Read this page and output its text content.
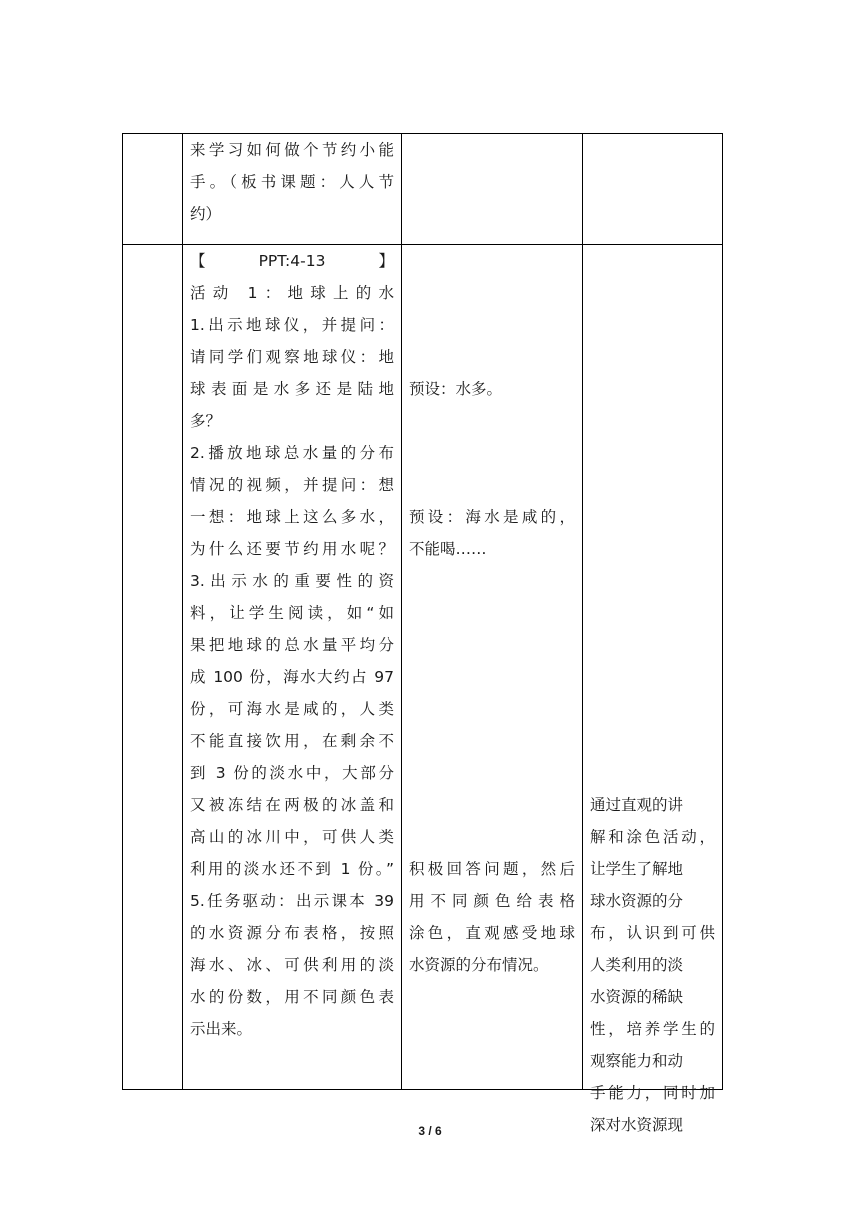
来学习如何做个节约小能
手。（板书课题：人人节
约）
【PPT:4-13】
活动 1：地球上的水
1.出示地球仪，并提问：
请同学们观察地球仪：地
球表面是水多还是陆地
多？
2.播放地球总水量的分布
情况的视频，并提问：想
一想：地球上这么多水，
为什么还要节约用水呢？
3.出示水的重要性的资
料，让学生阅读，如“如
果把地球的总水量平均分
成 100 份，海水大约占 97
份，可海水是咸的，人类
不能直接饮用，在剩余不
到 3 份的淡水中，大部分
又被冻结在两极的冰盖和
高山的冰川中，可供人类
利用的淡水还不到 1 份。”
5.任务驱动：出示课本 39
的水资源分布表格，按照
海水、冰、可供利用的淡
水的份数，用不同颜色表
示出来。

预设：水多。

预设：海水是咸的，
不能喝……

积极回答问题，然后
用不同颜色给表格
涂色，直观感受地球
水资源的分布情况。

通过直观的讲
解和涂色活动，
让学生了解地
球水资源的分
布，认识到可供
人类利用的淡
水资源的稀缺
性，培养学生的
观察能力和动
手能力，同时加
深对水资源现
3 / 6
